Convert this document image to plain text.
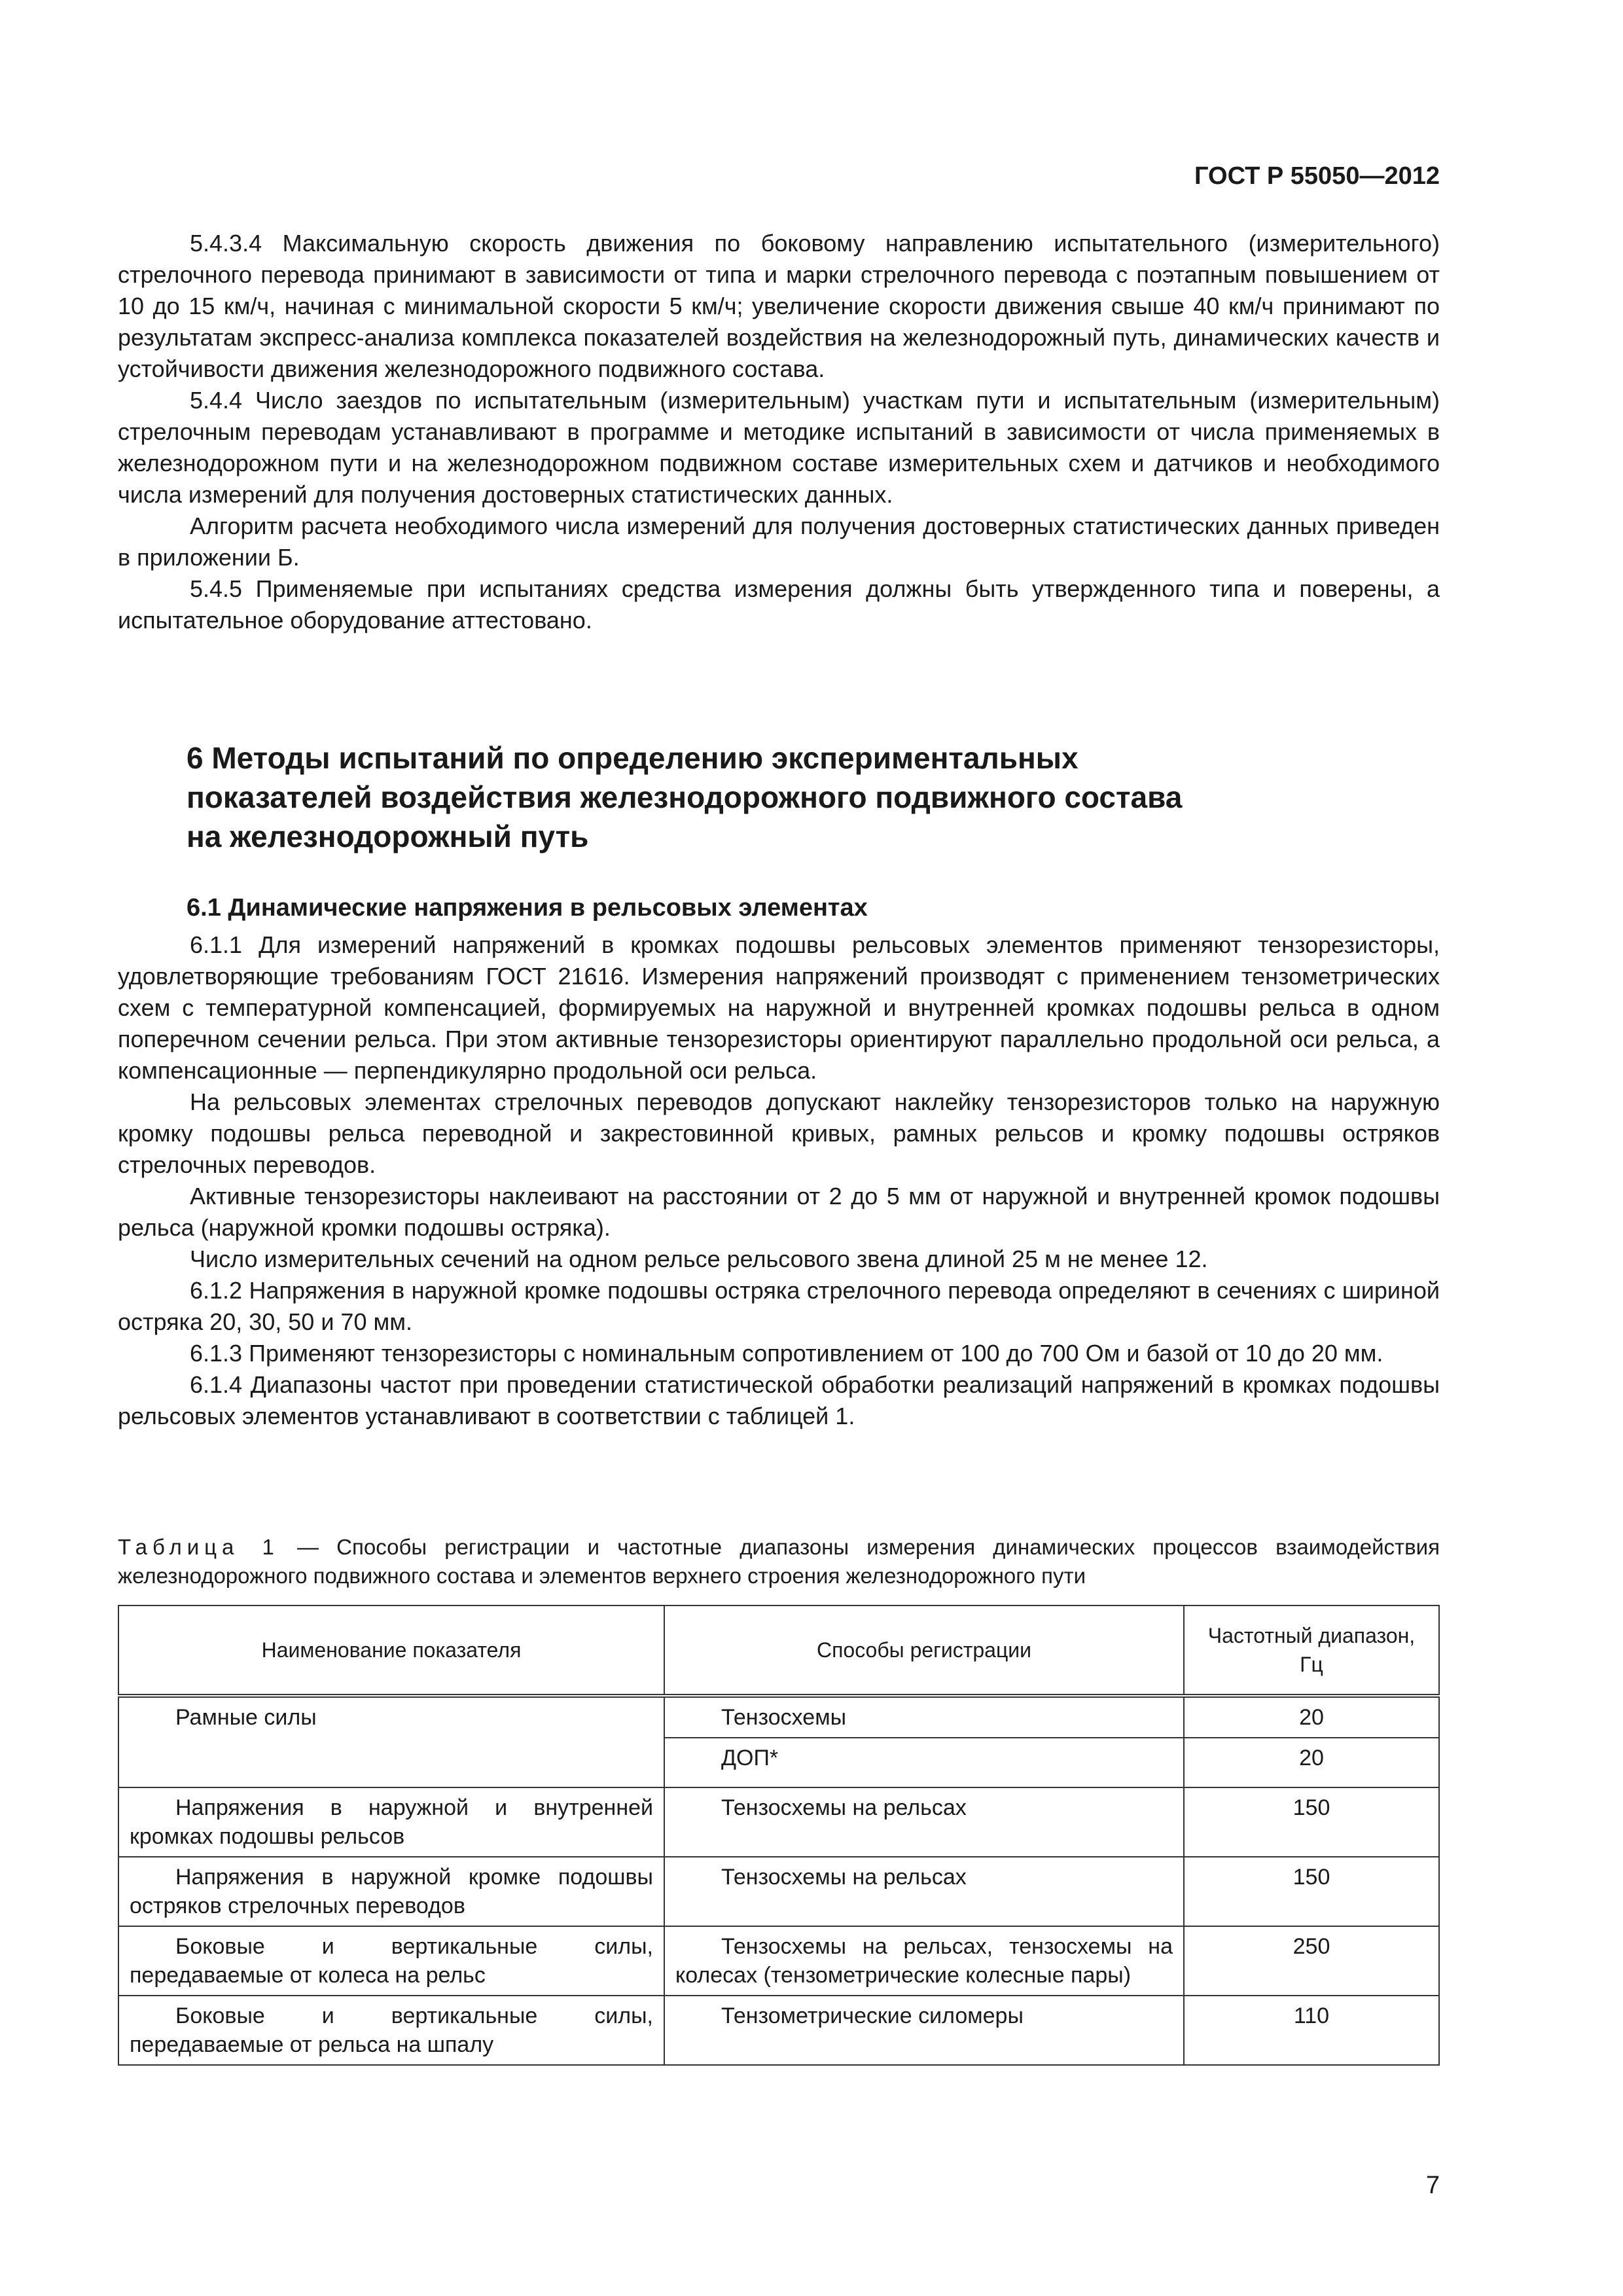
ГОСТ Р 55050—2012

5.4.3.4 Максимальную скорость движения по боковому направлению испытательного (измерительного) стрелочного перевода принимают в зависимости от типа и марки стрелочного перевода с поэтапным повышением от 10 до 15 км/ч, начиная с минимальной скорости 5 км/ч; увеличение скорости движения свыше 40 км/ч принимают по результатам экспресс-анализа комплекса показателей воздействия на железнодорожный путь, динамических качеств и устойчивости движения железнодорожного подвижного состава.

5.4.4 Число заездов по испытательным (измерительным) участкам пути и испытательным (измерительным) стрелочным переводам устанавливают в программе и методике испытаний в зависимости от числа применяемых в железнодорожном пути и на железнодорожном подвижном составе измерительных схем и датчиков и необходимого числа измерений для получения достоверных статистических данных.

Алгоритм расчета необходимого числа измерений для получения достоверных статистических данных приведен в приложении Б.

5.4.5 Применяемые при испытаниях средства измерения должны быть утвержденного типа и поверены, а испытательное оборудование аттестовано.

6 Методы испытаний по определению экспериментальных
показателей воздействия железнодорожного подвижного состава
на железнодорожный путь
6.1 Динамические напряжения в рельсовых элементах

6.1.1 Для измерений напряжений в кромках подошвы рельсовых элементов применяют тензорезисторы, удовлетворяющие требованиям ГОСТ 21616. Измерения напряжений производят с применением тензометрических схем с температурной компенсацией, формируемых на наружной и внутренней кромках подошвы рельса в одном поперечном сечении рельса. При этом активные тензорезисторы ориентируют параллельно продольной оси рельса, а компенсационные — перпендикулярно продольной оси рельса.

На рельсовых элементах стрелочных переводов допускают наклейку тензорезисторов только на наружную кромку подошвы рельса переводной и закрестовинной кривых, рамных рельсов и кромку подошвы остряков стрелочных переводов.

Активные тензорезисторы наклеивают на расстоянии от 2 до 5 мм от наружной и внутренней кромок подошвы рельса (наружной кромки подошвы остряка).

Число измерительных сечений на одном рельсе рельсового звена длиной 25 м не менее 12.

6.1.2 Напряжения в наружной кромке подошвы остряка стрелочного перевода определяют в сечениях с шириной остряка 20, 30, 50 и 70 мм.

6.1.3 Применяют тензорезисторы с номинальным сопротивлением от 100 до 700 Ом и базой от 10 до 20 мм.

6.1.4 Диапазоны частот при проведении статистической обработки реализаций напряжений в кромках подошвы рельсовых элементов устанавливают в соответствии с таблицей 1.

Таблица 1 — Способы регистрации и частотные диапазоны измерения динамических процессов взаимодействия железнодорожного подвижного состава и элементов верхнего строения железнодорожного пути
Наименование показателя	Способы регистрации	Частотный диапазон, Гц

Рамные силы	Тензосхемы	20

	ДОП*	20

Напряжения в наружной и внутренней кромках подошвы рельсов	Тензосхемы на рельсах	150

Напряжения в наружной кромке подошвы остряков стрелочных переводов	Тензосхемы на рельсах	150

Боковые и вертикальные силы, передаваемые от колеса на рельс	Тензосхемы на рельсах, тензосхемы на колесах (тензометрические колесные пары)	250

Боковые и вертикальные силы, передаваемые от рельса на шпалу	Тензометрические силомеры	110
7
